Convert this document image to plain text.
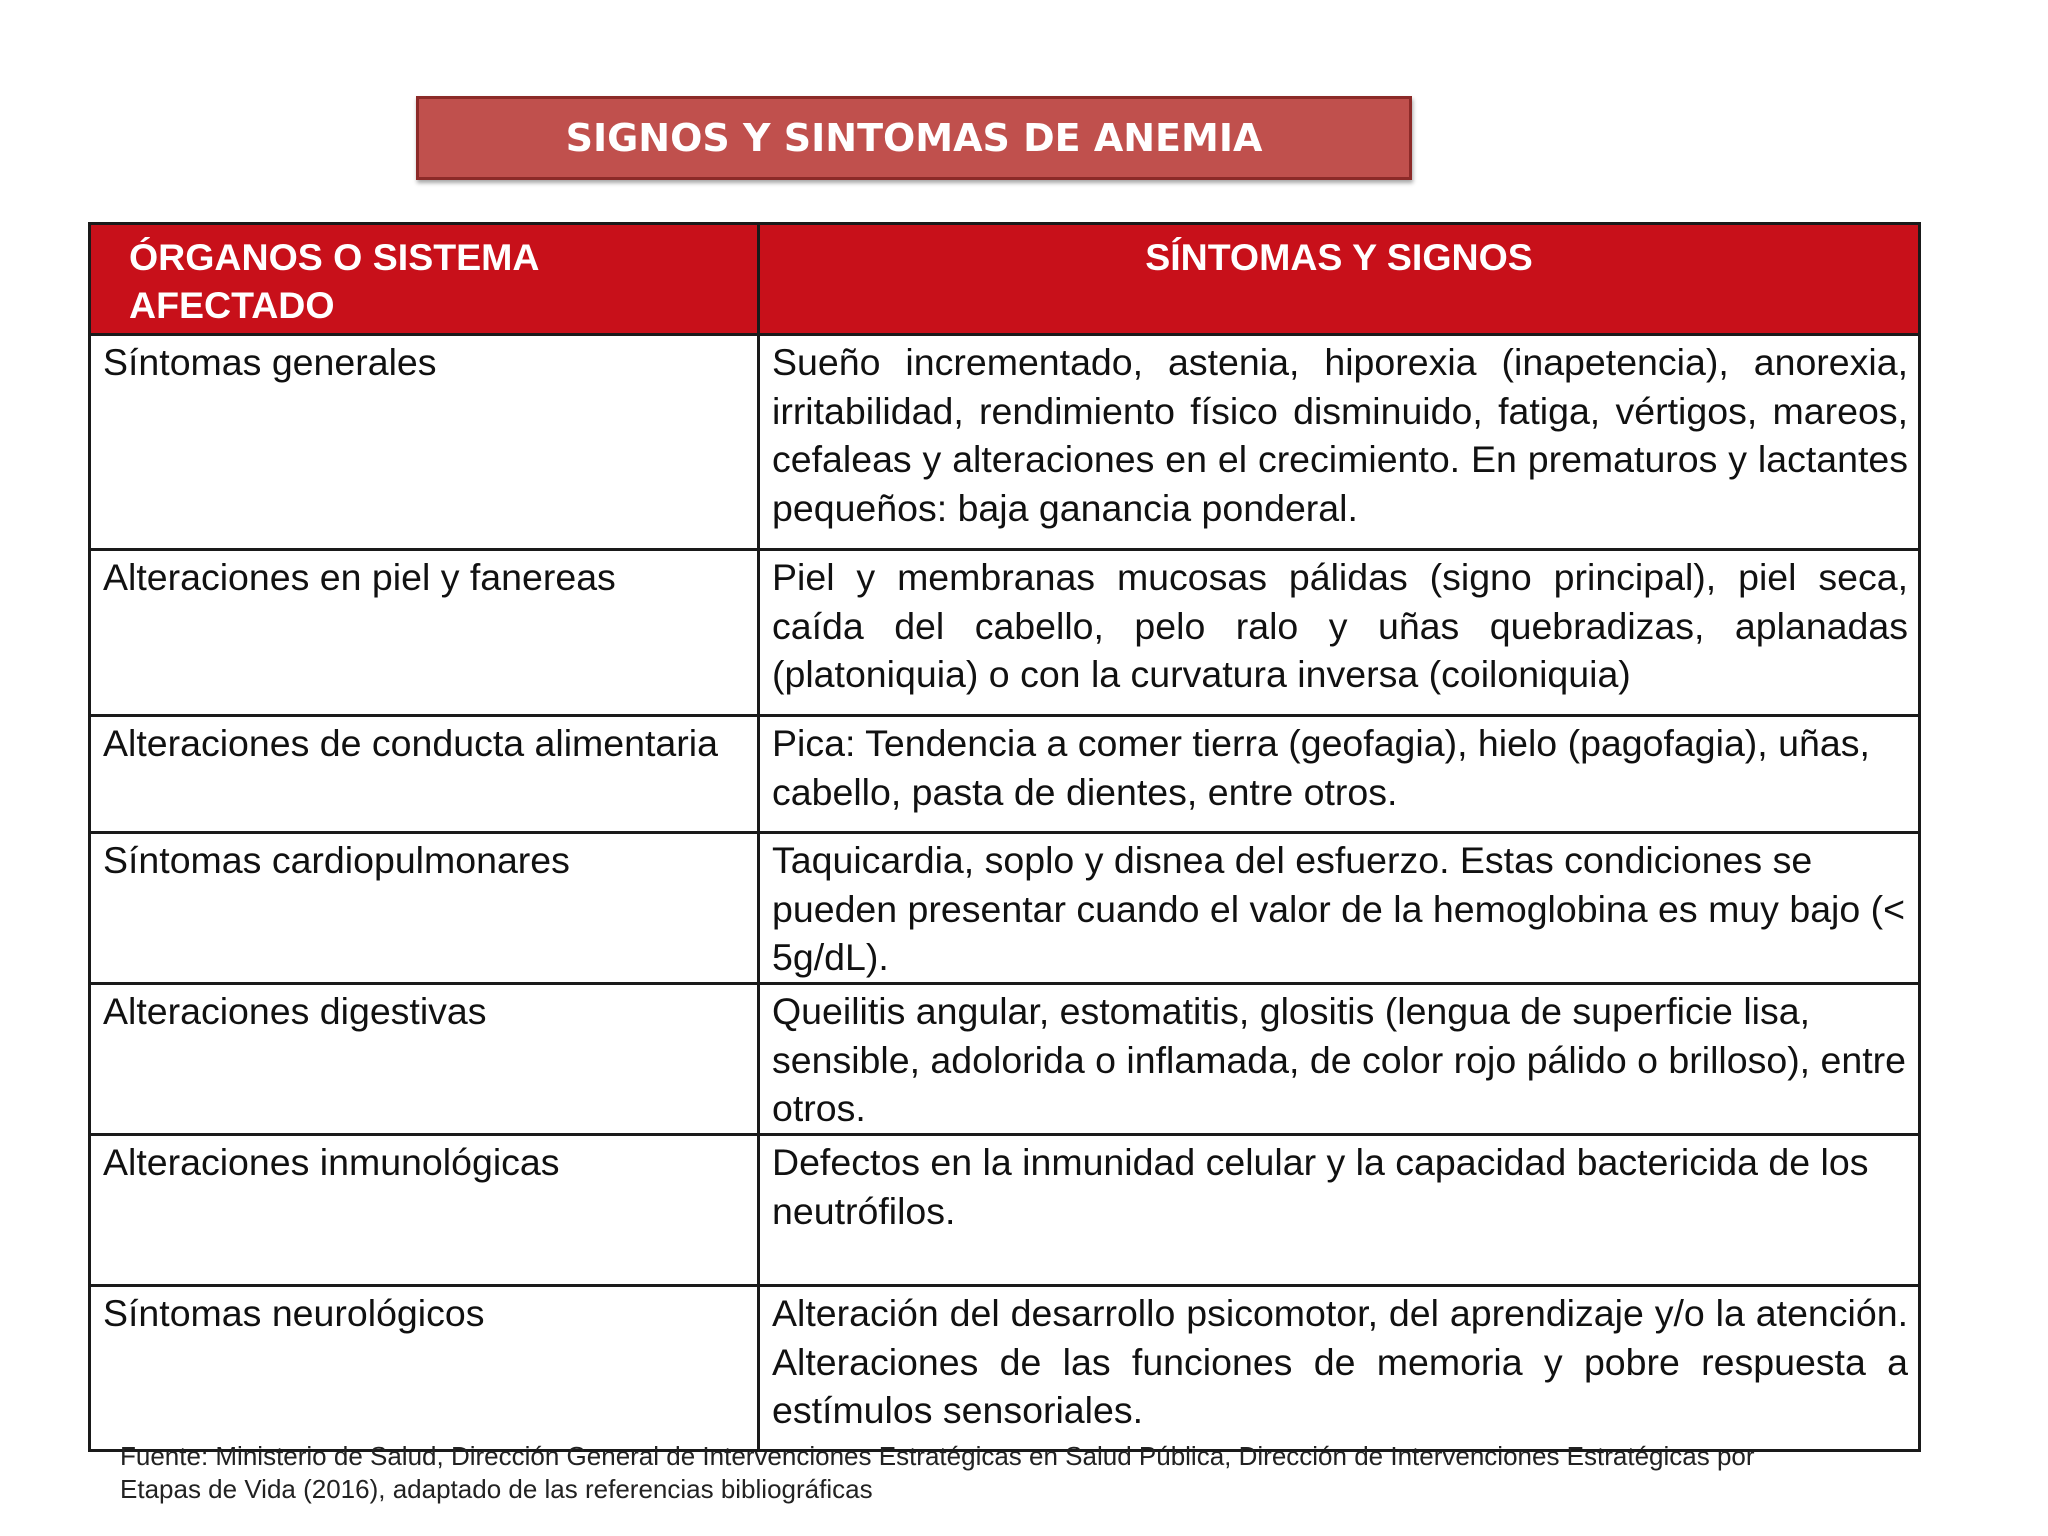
SIGNOS Y SINTOMAS DE ANEMIA
ÓRGANOS O SISTEMA AFECTADO	SÍNTOMAS Y SIGNOS

Síntomas generales	Sueño incrementado, astenia, hiporexia (inapetencia), anorexia, irritabilidad, rendimiento físico disminuido, fatiga, vértigos, mareos, cefaleas y alteraciones en el crecimiento. En prematuros y lactantes pequeños: baja ganancia ponderal.
Alteraciones en piel y fanereas	Piel y membranas mucosas pálidas (signo principal), piel seca, caída del cabello, pelo ralo y uñas quebradizas, aplanadas (platoniquia) o con la curvatura inversa (coiloniquia)
Alteraciones de conducta alimentaria	Pica: Tendencia a comer tierra (geofagia), hielo (pagofagia), uñas, cabello, pasta de dientes, entre otros.
Síntomas cardiopulmonares	Taquicardia, soplo y disnea del esfuerzo. Estas condiciones se pueden presentar cuando el valor de la hemoglobina es muy bajo (< 5g/dL).
Alteraciones digestivas	Queilitis angular, estomatitis, glositis (lengua de superficie lisa, sensible, adolorida o inflamada, de color rojo pálido o brilloso), entre otros.
Alteraciones inmunológicas	Defectos en la inmunidad celular y la capacidad bactericida de los neutrófilos.
Síntomas neurológicos	Alteración del desarrollo psicomotor, del aprendizaje y/o la atención. Alteraciones de las funciones de memoria y pobre respuesta a estímulos sensoriales.
Fuente: Ministerio de Salud, Dirección General de Intervenciones Estratégicas en Salud Pública, Dirección de Intervenciones Estratégicas por Etapas de Vida (2016), adaptado de las referencias bibliográficas
